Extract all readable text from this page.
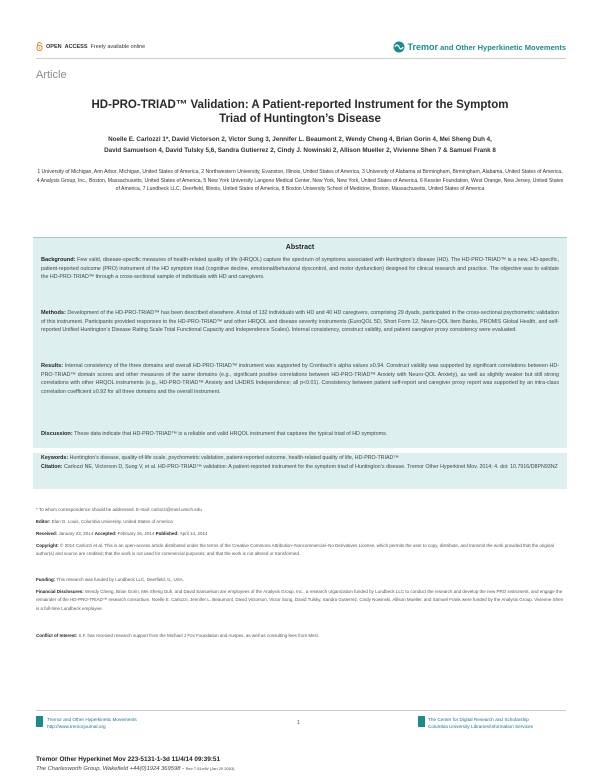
OPEN ACCESS Freely available online	Tremor and Other Hyperkinetic Movements
Article
HD-PRO-TRIAD™ Validation: A Patient-reported Instrument for the Symptom
Triad of Huntington’s Disease
Noelle E. Carlozzi 1*, David Victorson 2, Victor Sung 3, Jennifer L. Beaumont 2, Wendy Cheng 4, Brian Gorin 4, Mei Sheng Duh 4,
David Samuelson 4, David Tulsky 5,6, Sandra Gutierrez 2, Cindy J. Nowinski 2, Allison Mueller 2, Vivienne Shen 7 & Samuel Frank 8
1 University of Michigan, Ann Arbor, Michigan, United States of America, 2 Northwestern University, Evanston, Illinois, United States of America, 3 University of Alabama at Birmingham, Birmingham, Alabama, United States of America, 4 Analysis Group, Inc., Boston, Massachusetts, United States of America, 5 New York University Langone Medical Center, New York, New York, United States of America, 6 Kessler Foundation, West Orange, New Jersey, United States of America, 7 Lundbeck LLC, Deerfield, Illinois, United States of America, 8 Boston University School of Medicine, Boston, Massachusetts, United States of America
Abstract
Background: Few valid, disease-specific measures of health-related quality of life (HRQOL) capture the spectrum of symptoms associated with Huntington’s disease (HD). The HD-PRO-TRIAD™ is a new, HD-specific, patient-reported outcome (PRO) instrument of the HD symptom triad (cognitive decline, emotional/behavioral dyscontrol, and motor dysfunction) designed for clinical research and practice. The objective was to validate the HD-PRO-TRIAD™ through a cross-sectional sample of individuals with HD and caregivers.
Methods: Development of the HD-PRO-TRIAD™ has been described elsewhere. A total of 132 individuals with HD and 40 HD caregivers, comprising 29 dyads, participated in the cross-sectional psychometric validation of this instrument. Participants provided responses to the HD-PRO-TRIAD™ and other HRQOL and disease severity instruments (EuroQOL 5D, Short Form 12, Neuro-QOL Item Banks, PROMIS Global Health, and self-reported Unified Huntington’s Disease Rating Scale Total Functional Capacity and Independence Scales). Internal consistency, construct validity, and patient caregiver proxy consistency were evaluated.
Results: Internal consistency of the three domains and overall HD-PRO-TRIAD™ instrument was supported by Cronbach’s alpha values ≥0.94. Construct validity was supported by significant correlations between HD-PRO-TRIAD™ domain scores and other measures of the same domains (e.g., significant positive correlations between HD-PRO-TRIAD™ Anxiety with Neuro-QOL Anxiety), as well as slightly weaker but still strong correlations with other HRQOL instruments (e.g., HD-PRO-TRIAD™ Anxiety and UHDRS Independence; all p<0.01). Consistency between patient self-report and caregiver proxy report was supported by an intra-class correlation coefficient ≥0.92 for all three domains and the overall instrument.
Discussion: These data indicate that HD-PRO-TRIAD™ is a reliable and valid HRQOL instrument that captures the typical triad of HD symptoms.
Keywords: Huntington’s disease, quality-of-life scale, psychometric validation, patient-reported outcome, health-related quality of life, HD-PRO-TRIAD™
Citation: Carlozzi NE, Victorson D, Sung V, et al. HD-PRO-TRIAD™ validation: A patient-reported instrument for the symptom triad of Huntington’s disease. Tremor Other Hyperkinet Mov. 2014; 4. doi: 10.7916/D8PN93NZ
* To whom correspondence should be addressed. E-mail: carlozzi@med.umich.edu
Editor: Elan D. Louis, Columbia University, United States of America
Received: January 23, 2014 Accepted: February 26, 2014 Published: April 14, 2014
Copyright: © 2014 Carlozzi et al. This is an open-access article distributed under the terms of the Creative Commons Attribution–Noncommercial–No Derivatives License, which permits the user to copy, distribute, and transmit the work provided that the original author(s) and source are credited; that the work is not used for commercial purposes; and that the work is not altered or transformed.
Funding: This research was funded by Lundbeck LLC, Deerfield, IL, USA.
Financial Disclosures: Wendy Cheng, Brian Gorin, Mei Sheng Duh, and David Samuelson are employees of the Analysis Group, Inc., a research organization funded by Lundbeck LLC to conduct the research and develop the new PRO instrument, and engage the remainder of the HD-PRO-TRIAD™ research consortium. Noelle E. Carlozzi, Jennifer L. Beaumont, David Victorson, Victor Sung, David Tulsky, Sandra Gutierrez, Cindy Nowinski, Allison Mueller, and Samuel Frank were funded by the Analysis Group. Vivienne Shen is a full-time Lundbeck employee.
Conflict of Interest: S.F. has received research support from the Michael J Fox Foundation and Auspex, as well as consulting fees from Merz.
Tremor and Other Hyperkinetic Movements
http://www.tremorjournal.org
1
The Center for Digital Research and Scholarship
Columbia University Libraries/Information Services
Tremor Other Hyperkinet Mov 223-5131-1-3d 11/4/14 09:39:51
The Charlesworth Group, Wakefield +44(0)1924 369598 - Rev 7.51n/W (Jan 20 2003)
